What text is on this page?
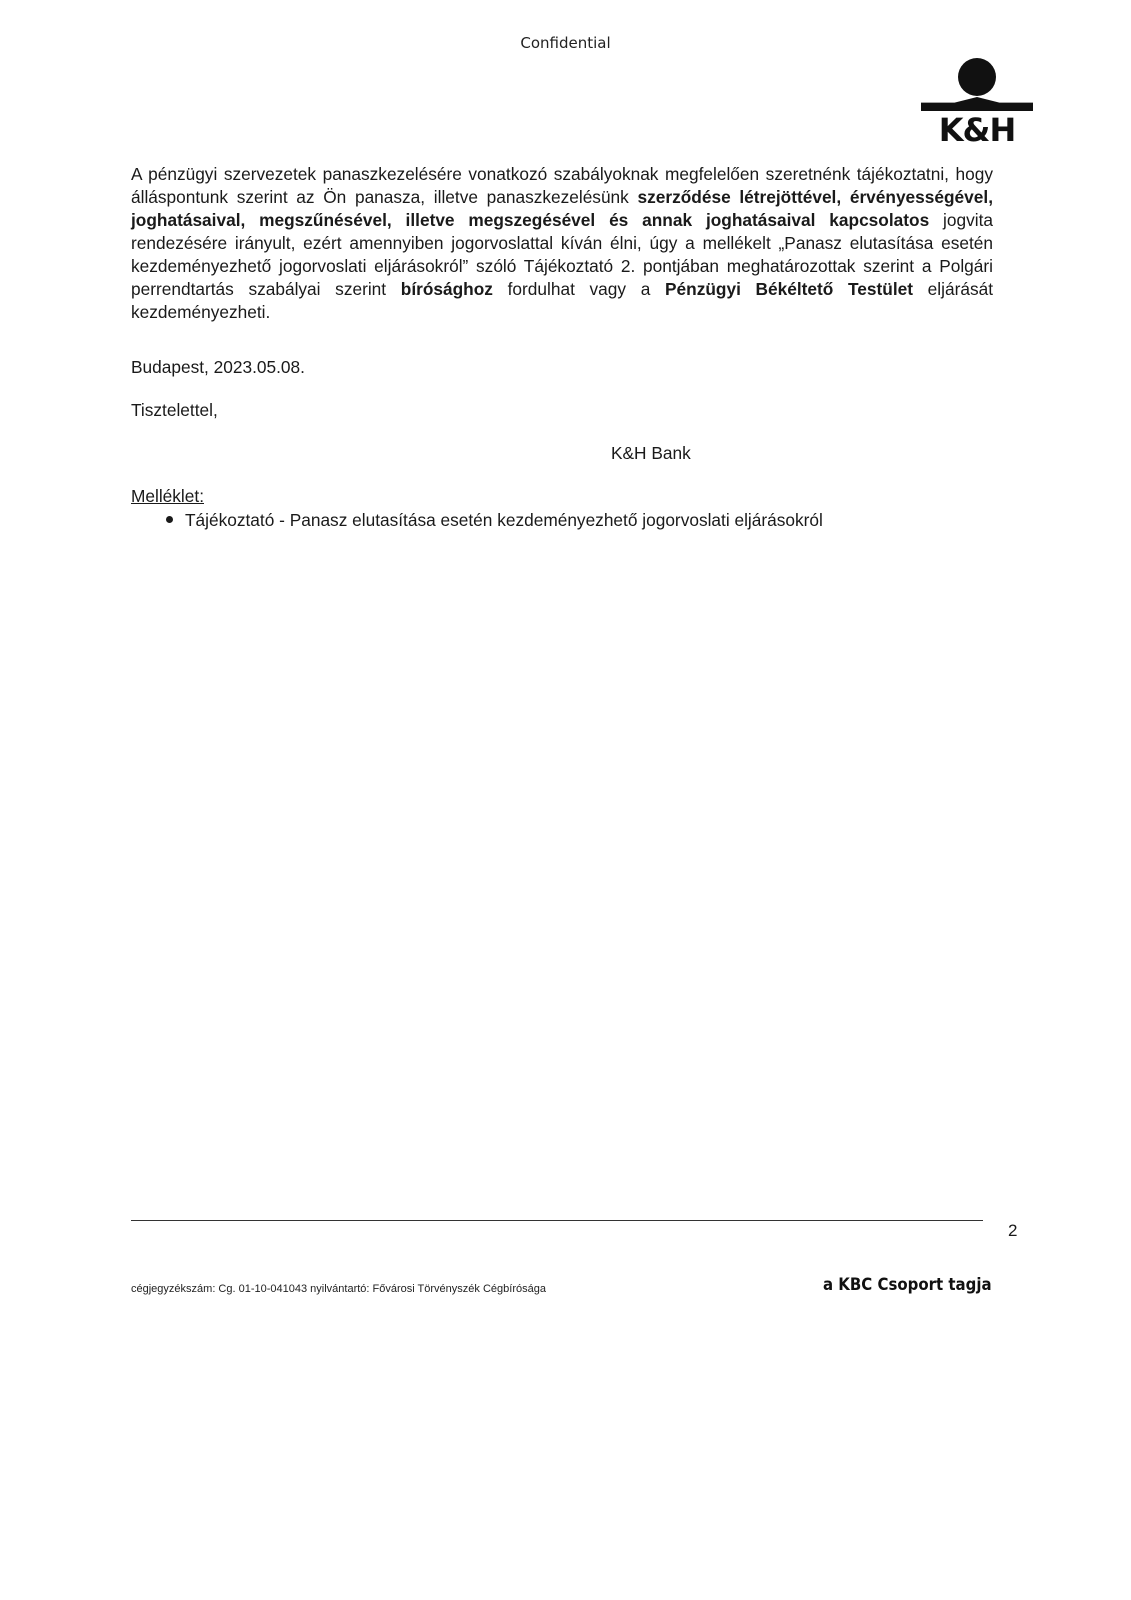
Confidential
K&H
A pénzügyi szervezetek panaszkezelésére vonatkozó szabályoknak megfelelően szeretnénk tájékoztatni, hogy álláspontunk szerint az Ön panasza, illetve panaszkezelésünk szerződése létrejöttével, érvényességével, joghatásaival, megszűnésével, illetve megszegésével és annak joghatásaival kapcsolatos jogvita rendezésére irányult, ezért amennyiben jogorvoslattal kíván élni, úgy a mellékelt „Panasz elutasítása esetén kezdeményezhető jogorvoslati eljárásokról” szóló Tájékoztató 2. pontjában meghatározottak szerint a Polgári perrendtartás szabályai szerint bírósághoz fordulhat vagy a Pénzügyi Békéltető Testület eljárását kezdeményezheti.
Budapest, 2023.05.08.
Tisztelettel,
K&H Bank
Melléklet:
Tájékoztató - Panasz elutasítása esetén kezdeményezhető jogorvoslati eljárásokról
2
cégjegyzékszám: Cg. 01-10-041043 nyilvántartó: Fővárosi Törvényszék Cégbírósága	a KBC Csoport tagja
